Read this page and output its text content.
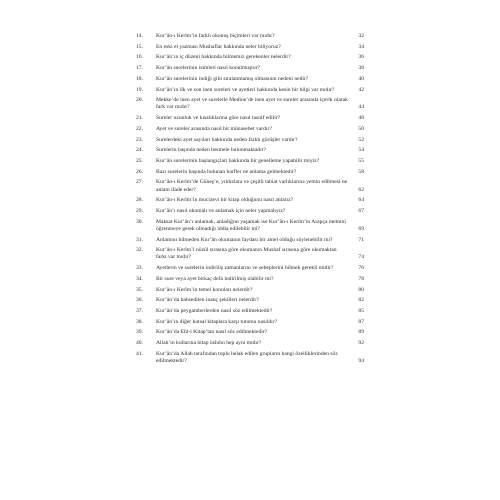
14. Kur’ân-ı Kerîm’in farklı okunuş biçimleri var mıdır?	32
15. En eski el yazması Mushaflar hakkında neler biliyoruz?	34
16. Kur’ân’ın iç düzeni hakkında bilmemiz gerekenler nelerdir?	36
17. Kur’ân surelerinin isimleri nasıl konulmuştur?	38
18. Kur’ân surelerinin indiği gibi sıralanmamış olmasının nedeni nedir?	40
19. Kur’ân’ın ilk ve son inen sureleri ve ayetleri hakkında kesin bir bilgi var mıdır?	42
20. Mekke’de inen ayet ve surelerle Medine’de inen ayet ve sureler arasında içerik olarak fark var mıdır?	44
21. Sureler uzunluk ve kısalıklarına göre nasıl tasnif edilir?	48
22. Ayet ve sureler arasında nasıl bir münasebet vardır?	50
23. Surelerdeki ayet sayıları hakkında neden farklı görüşler vardır?	52
24. Surelerin başında neden besmele bulunmaktadır?	54
25. Kur’ân surelerinin başlangıçları hakkında bir genelleme yapabilir miyiz?	55
26. Bazı surelerin başında bulunan harfler ne anlama gelmektedir?	58
27. Kur’ân-ı Kerîm’de Güneş’e, yıldızlara ve çeşitli tabiat varlıklarına yemin edilmesi ne anlam ifade eder?	62
28. Kur’ân-ı Kerîm’in mucizevi bir kitap olduğunu nasıl anlarız?	64
29. Kur’ân’ı nasıl okumalı ve anlamak için neler yapmalıyız?	67
30. Maksat Kur’ân’ı anlamak, anladığını yaşamak ise Kur’ân-ı Kerîm’in Arapça metnini öğrenmeye gerek olmadığı iddia edilebilir mi?	69
31. Anlamını bilmeden Kur’ân okumanın faydası bir amel olduğu söylenebilir mi?	71
32. Kur’ân-ı Kerîm’i nüzûl sırasına göre okumanın Mushaf sırasına göre okumaktan farkı var mıdır?	74
33. Ayetlerin ve surelerin indiriliş zamanlarını ve sebeplerini bilmek gerekli midir?	76
34. Bir sure veya ayet birkaç defa indirilmiş olabilir mi?	78
35. Kur’ân-ı Kerîm’in temel konuları nelerdir?	80
36. Kur’ân’da bahsedilen inanç şekilleri nelerdir?	82
37. Kur’ân’da peygamberlerden nasıl söz edilmektedir?	85
38. Kur’ân’ın diğer kutsal kitaplara karşı tutumu nasıldır?	87
39. Kur’ân’da Ehl-i Kitap’tan nasıl söz edilmektedir?	89
40. Allah’ın kullarına hitap üslubu hep aynı mıdır?	92
41. Kur’ân’da Allah tarafından toplu helak edilen grupların hangi özelliklerinden söz edilmektedir?	94
